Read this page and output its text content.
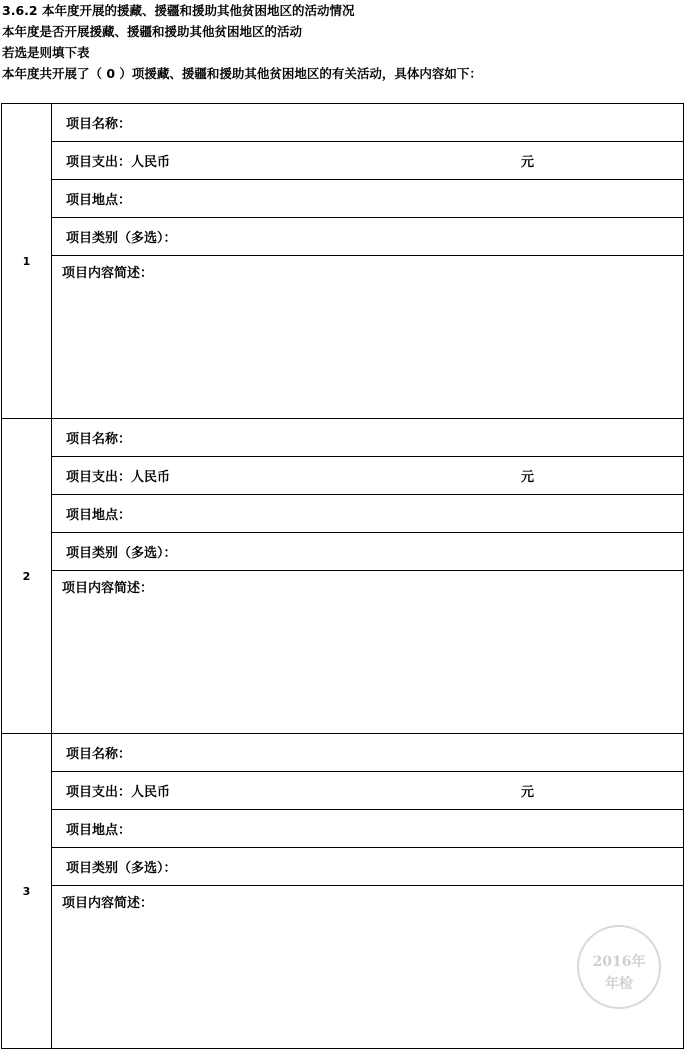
3.6.2 本年度开展的援藏、援疆和援助其他贫困地区的活动情况
本年度是否开展援藏、援疆和援助其他贫困地区的活动
若选是则填下表
本年度共开展了（ 0 ）项援藏、援疆和援助其他贫困地区的有关活动，具体内容如下：
1	项目名称：

	项目支出：人民币 元

	项目地点：
	项目类别（多选）：
	项目内容简述：
2	项目名称：

	项目支出：人民币 元

	项目地点：
	项目类别（多选）：
	项目内容简述：
3	项目名称：

	项目支出：人民币 元

	项目地点：
	项目类别（多选）：
	项目内容简述：
2016年
年检
